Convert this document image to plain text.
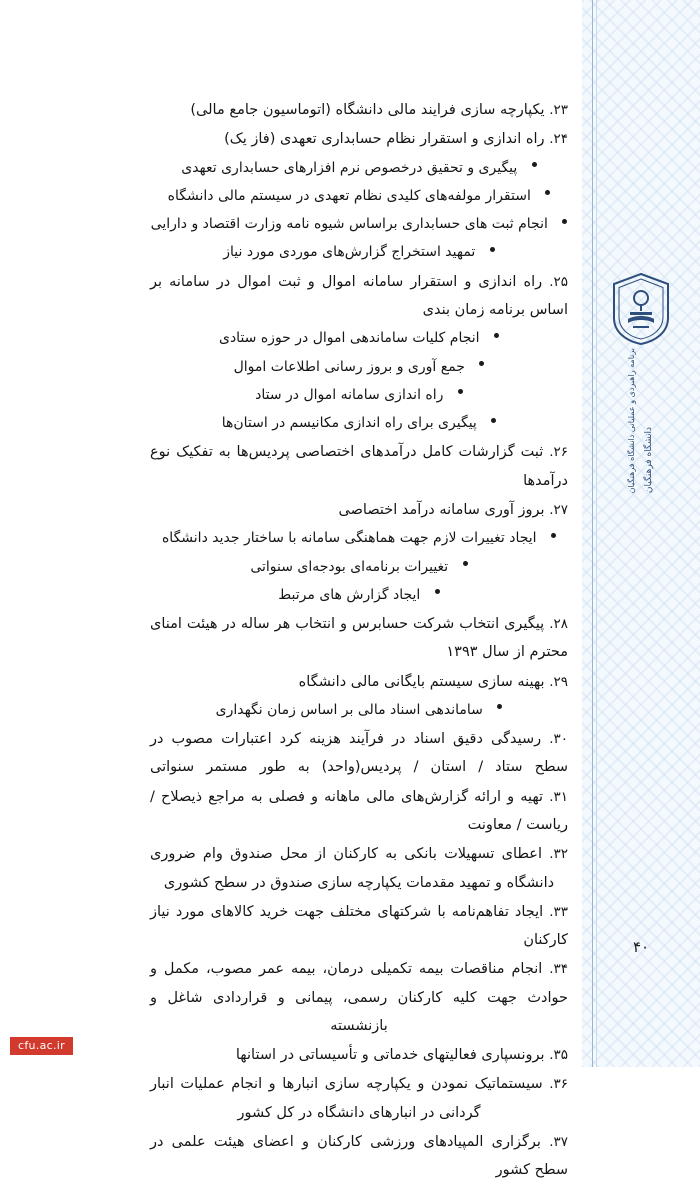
دانشگاه فرهنگیان برنامه راهبردی و عملیاتی دانشگاه فرهنگیان
۴۰
۲۳. یکپارچه سازی فرایند مالی دانشگاه (اتوماسیون جامع مالی)
۲۴. راه اندازی و استقرار نظام حسابداری تعهدی (فاز یک)
پیگیری و تحقیق درخصوص نرم افزارهای حسابداری تعهدی
استقرار مولفه‌های کلیدی نظام تعهدی در سیستم مالی دانشگاه
انجام ثبت های حسابداری براساس شیوه نامه وزارت اقتصاد و دارایی
تمهید استخراج گزارش‌های موردی مورد نیاز
۲۵. راه اندازی و استقرار سامانه اموال و ثبت اموال در سامانه بر اساس برنامه زمان بندی
انجام کلیات ساماندهی اموال در حوزه ستادی
جمع آوری و بروز رسانی اطلاعات اموال
راه اندازی سامانه اموال در ستاد
پیگیری برای راه اندازی مکانیسم در استان‌ها
۲۶. ثبت گزارشات کامل درآمدهای اختصاصی پردیس‌ها به تفکیک نوع درآمدها
۲۷. بروز آوری سامانه درآمد اختصاصی
ایجاد تغییرات لازم جهت هماهنگی سامانه با ساختار جدید دانشگاه
تغییرات برنامه‌ای بودجه‌ای سنواتی
ایجاد گزارش های مرتبط
۲۸. پیگیری انتخاب شرکت حسابرس و انتخاب هر ساله در هیئت امنای محترم از سال ۱۳۹۳
۲۹. بهینه سازی سیستم بایگانی مالی دانشگاه
ساماندهی اسناد مالی بر اساس زمان نگهداری
۳۰. رسیدگی دقیق اسناد در فرآیند هزینه کرد اعتبارات مصوب در سطح ستاد / استان / پردیس(واحد) به طور مستمر سنواتی
۳۱. تهیه و ارائه گزارش‌های مالی ماهانه و فصلی به مراجع ذیصلاح / ریاست / معاونت
۳۲. اعطای تسهیلات بانکی به کارکنان از محل صندوق وام ضروری دانشگاه و تمهید مقدمات یکپارچه سازی صندوق در سطح کشوری
۳۳. ایجاد تفاهم‌نامه با شرکتهای مختلف جهت خرید کالاهای مورد نیاز کارکنان
۳۴. انجام مناقصات بیمه تکمیلی درمان، بیمه عمر مصوب، مکمل و حوادث جهت کلیه کارکنان رسمی، پیمانی و قراردادی شاغل و بازنشسته
۳۵. برونسپاری فعالیتهای خدماتی و تأسیساتی در استانها
۳۶. سیستماتیک نمودن و یکپارچه سازی انبارها و انجام عملیات انبار گردانی در انبارهای دانشگاه در کل کشور
۳۷. برگزاری المپیادهای ورزشی کارکنان و اعضای هیئت علمی در سطح کشور
cfu.ac.ir
